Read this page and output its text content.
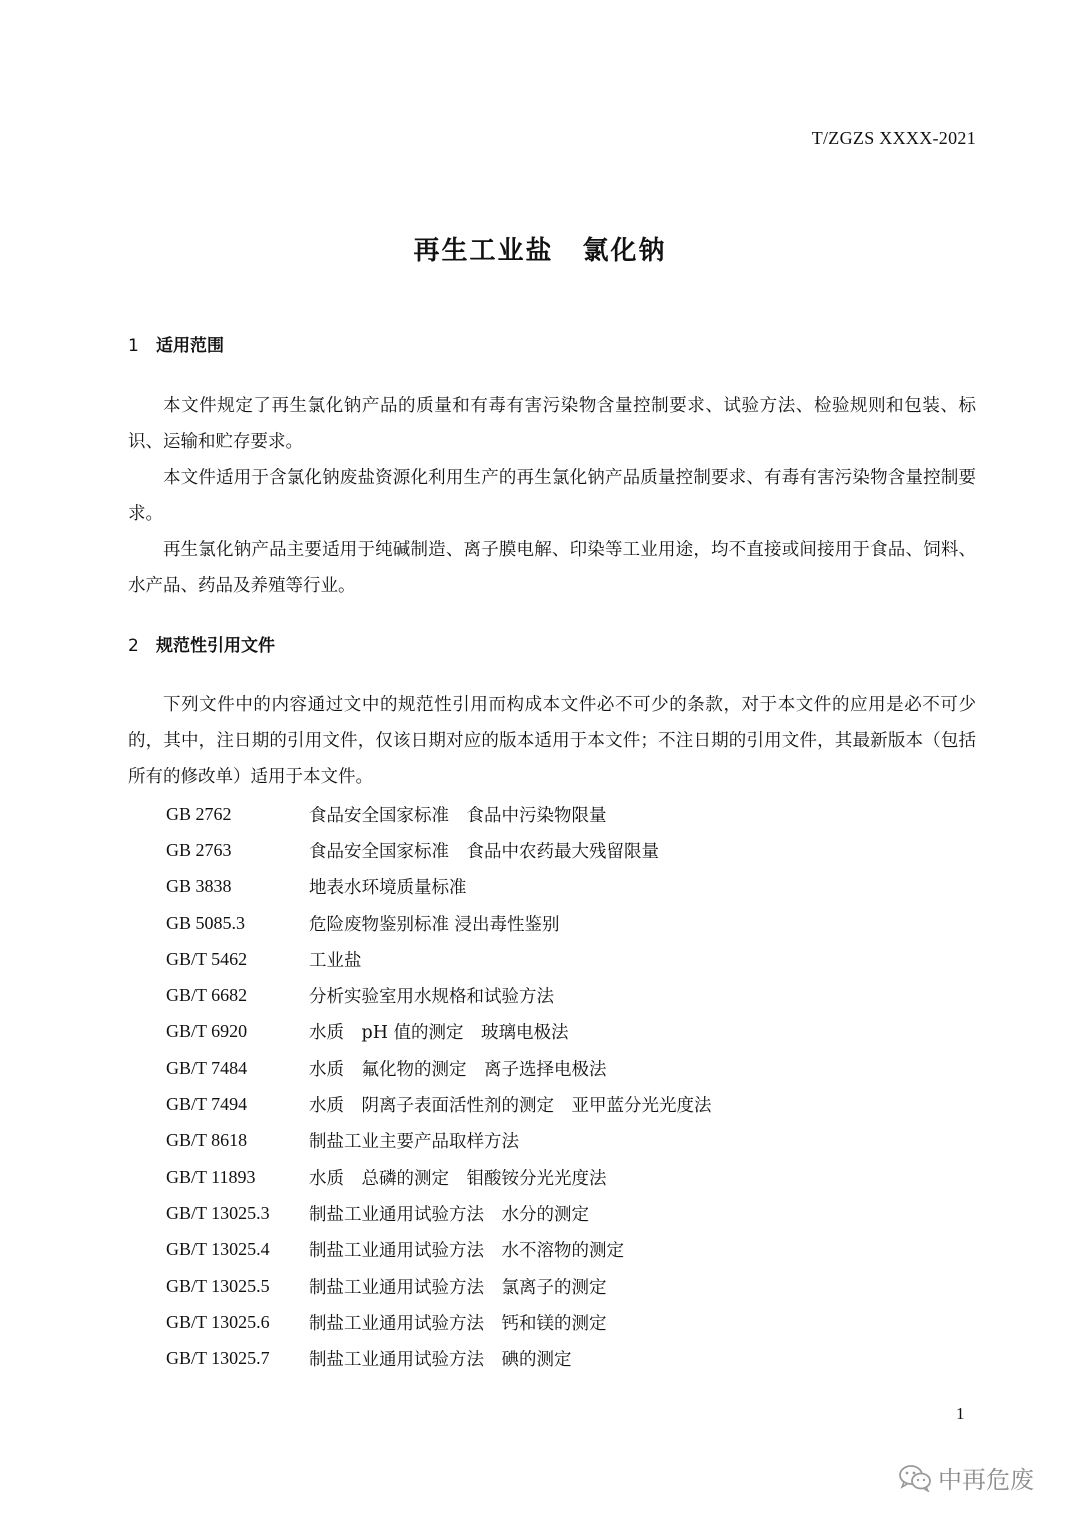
T/ZGZS XXXX-2021
再生工业盐 氯化钠
1 适用范围

本文件规定了再生氯化钠产品的质量和有毒有害污染物含量控制要求、试验方法、检验规则和包装、标识、运输和贮存要求。

本文件适用于含氯化钠废盐资源化利用生产的再生氯化钠产品质量控制要求、有毒有害污染物含量控制要求。

再生氯化钠产品主要适用于纯碱制造、离子膜电解、印染等工业用途，均不直接或间接用于食品、饲料、水产品、药品及养殖等行业。

2 规范性引用文件

下列文件中的内容通过文中的规范性引用而构成本文件必不可少的条款，对于本文件的应用是必不可少的，其中，注日期的引用文件，仅该日期对应的版本适用于本文件；不注日期的引用文件，其最新版本（包括所有的修改单）适用于本文件。

GB 2762	食品安全国家标准　食品中污染物限量
GB 2763	食品安全国家标准　食品中农药最大残留限量
GB 3838	地表水环境质量标准
GB 5085.3	危险废物鉴别标准 浸出毒性鉴别
GB/T 5462	工业盐
GB/T 6682	分析实验室用水规格和试验方法
GB/T 6920	水质　pH 值的测定　玻璃电极法
GB/T 7484	水质　氟化物的测定　离子选择电极法
GB/T 7494	水质　阴离子表面活性剂的测定　亚甲蓝分光光度法
GB/T 8618	制盐工业主要产品取样方法
GB/T 11893	水质　总磷的测定　钼酸铵分光光度法
GB/T 13025.3	制盐工业通用试验方法　水分的测定
GB/T 13025.4	制盐工业通用试验方法　水不溶物的测定
GB/T 13025.5	制盐工业通用试验方法　氯离子的测定
GB/T 13025.6	制盐工业通用试验方法　钙和镁的测定
GB/T 13025.7	制盐工业通用试验方法　碘的测定
1
中再危废
